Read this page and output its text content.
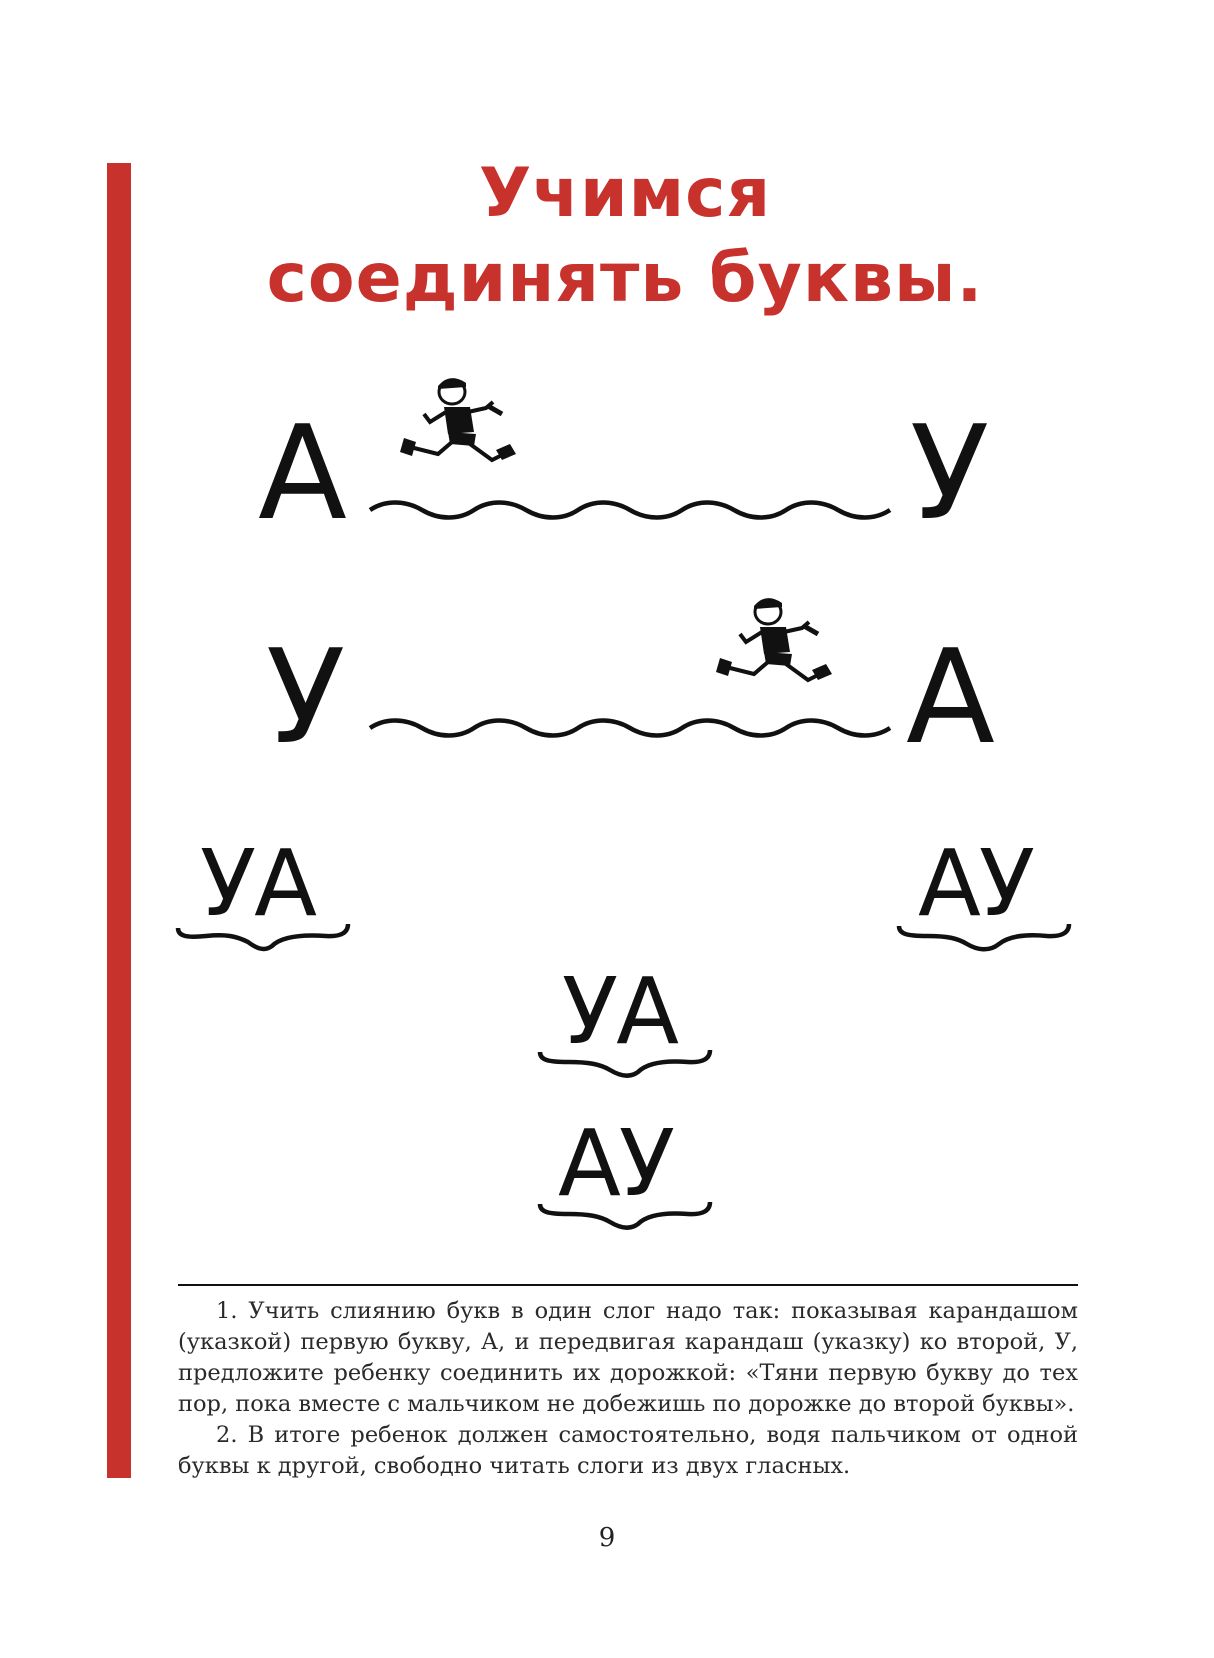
Учимся
соединять буквы.
А	У
У	А
УА	АУ
УА
АУ

1. Учить слиянию букв в один слог надо так: показывая карандашом (указкой) первую букву, А, и передвигая карандаш (указку) ко второй, У, предложите ребенку соединить их дорожкой: «Тяни первую букву до тех пор, пока вместе с мальчиком не добежишь по дорожке до второй буквы».

2. В итоге ребенок должен самостоятельно, водя пальчиком от одной буквы к другой, свободно читать слоги из двух гласных.

9
